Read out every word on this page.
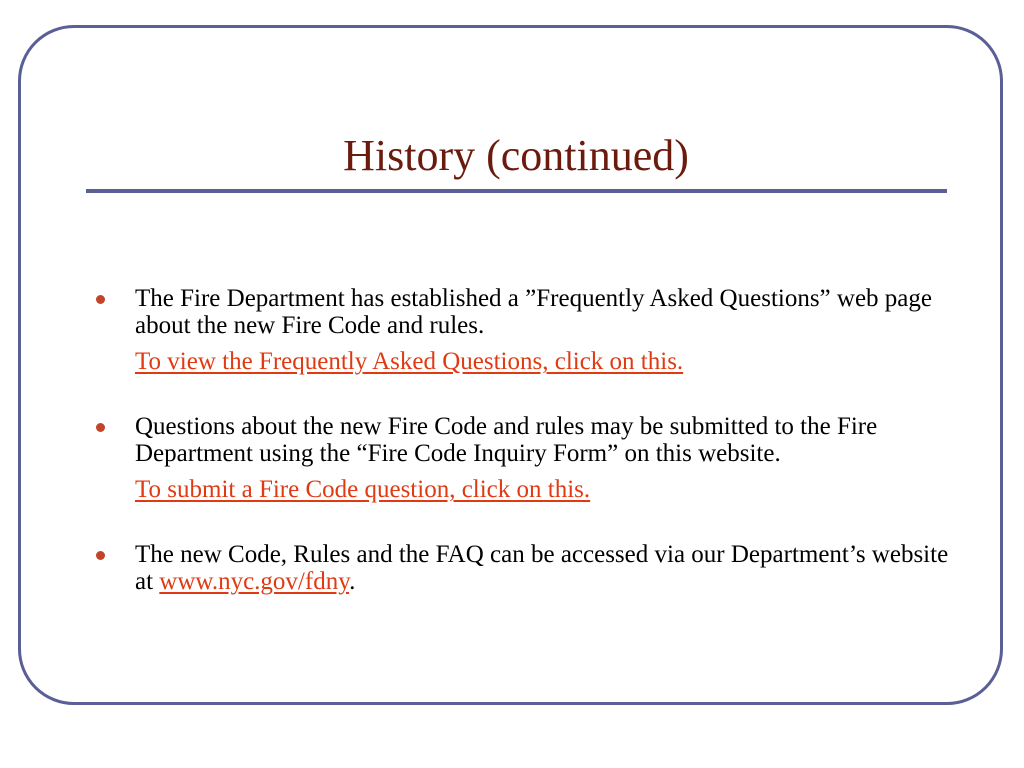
History (continued)
The Fire Department has established a ”Frequently Asked Questions” web page about the new Fire Code and rules.
To view the Frequently Asked Questions, click on this.
Questions about the new Fire Code and rules may be submitted to the Fire Department using the “Fire Code Inquiry Form” on this website.
To submit a Fire Code question, click on this.
The new Code, Rules and the FAQ can be accessed via our Department’s website at www.nyc.gov/fdny.
